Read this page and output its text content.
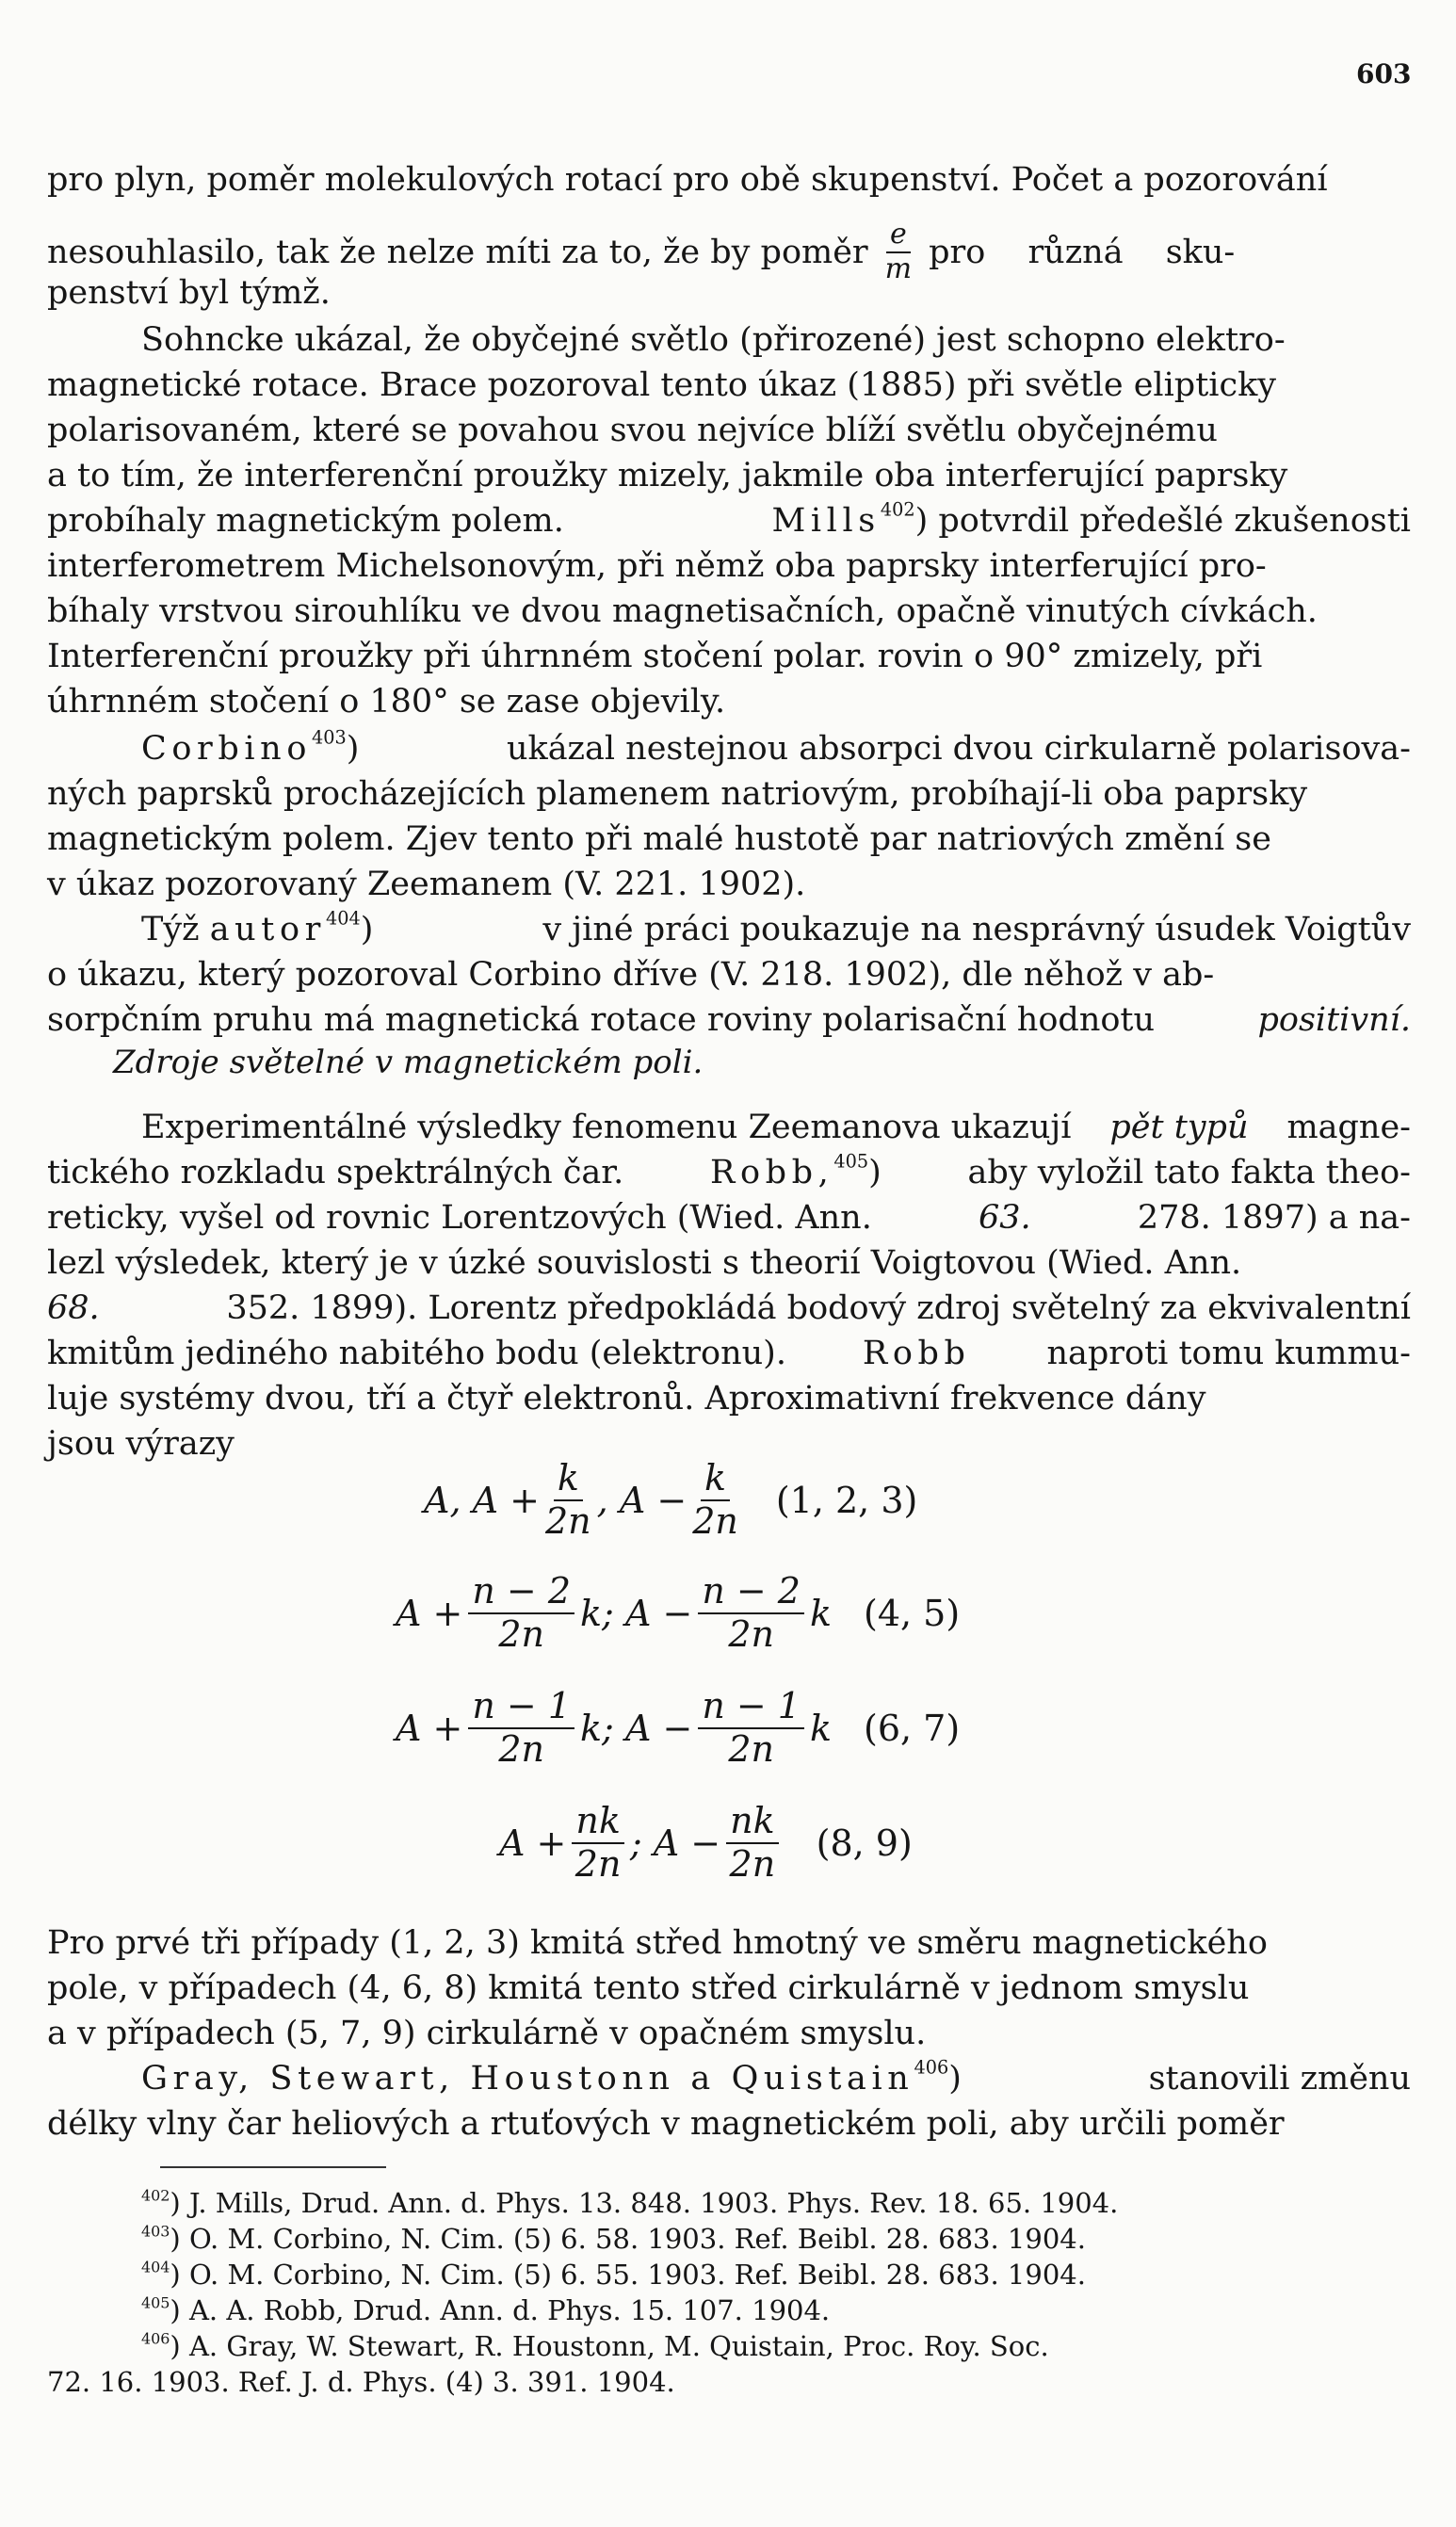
603
pro plyn, poměr molekulových rotací pro obě skupenství. Počet a pozorování
nesouhlasilo, tak že nelze míti za to, že by poměr $\frac{e}{m}$ pro různá sku-
penství byl týmž.
Sohncke ukázal, že obyčejné světlo (přirozené) jest schopno elektro-
magnetické rotace. Brace pozoroval tento úkaz (1885) při světle elipticky
polarisovaném, které se povahou svou nejvíce blíží světlu obyčejnému
a to tím, že interferenční proužky mizely, jakmile oba interferující paprsky
probíhaly magnetickým polem.	Mills$^{402}$) potvrdil předešlé zkušenosti
interferometrem Michelsonovým, při němž oba paprsky interferující pro-
bíhaly vrstvou sirouhlíku ve dvou magnetisačních, opačně vinutých cívkách.
Interferenční proužky při úhrnném stočení polar. rovin o 90° zmizely, při
úhrnném stočení o 180° se zase objevily.
Corbino$^{403}$)	ukázal nestejnou absorpci dvou cirkularně polarisova-
ných paprsků procházejících plamenem natriovým, probíhají-li oba paprsky
magnetickým polem. Zjev tento při malé hustotě par natriových změní se
v úkaz pozorovaný Zeemanem (V. 221. 1902).
Týž autor$^{404}$)	v jiné práci poukazuje na nesprávný úsudek Voigtův
o úkazu, který pozoroval Corbino dříve (V. 218. 1902), dle něhož v ab-
sorpčním pruhu má magnetická rotace roviny polarisační hodnotu	positivní.
Zdroje světelné v magnetickém poli.
Experimentálné výsledky fenomenu Zeemanova ukazují pět typů magne-
tického rozkladu spektrálných čar.	Robb,$^{405}$)	aby vyložil tato fakta theo-
reticky, vyšel od rovnic Lorentzových (Wied. Ann.	63.	278. 1897) a na-
lezl výsledek, který je v úzké souvislosti s theorií Voigtovou (Wied. Ann.
68.	352. 1899). Lorentz předpokládá bodový zdroj světelný za ekvivalentní
kmitům jediného nabitého bodu (elektronu). Robb naproti tomu kummu-
luje systémy dvou, tří a čtyř elektronů. Aproximativní frekvence dány
jsou výrazy
A,
$A + \frac{k}{2n}$ , $A - \frac{k}{2n} (1$, 2, 3)
$A + \frac{n - 2}{2n} k$; $A - \frac{n - 2}{2n}$ k (4, 5)
$A + \frac{n - 1}{2n} k$; $A - \frac{n - 1}{2n}$ k (6, 7)
$A + \frac{nk}{2n}$ ; $A - \frac{nk}{2n} (8$, 9)
Pro prvé tři případy (1, 2, 3) kmitá střed hmotný ve směru magnetického
pole, v případech (4, 6, 8) kmitá tento střed cirkulárně v jednom smyslu
a v případech (5, 7, 9) cirkulárně v opačném smyslu.
Gray, Stewart, Houstonn a Quistain$^{406}$)	stanovili změnu
délky vlny čar heliových a rtuťových v magnetickém poli, aby určili poměr
$^{402}$) J. Mills, Drud. Ann. d. Phys. 13. 848. 1903. Phys. Rev. 18. 65. 1904.
$^{403}$) O. M. Corbino, N. Cim. (5) 6. 58. 1903. Ref. Beibl. 28. 683. 1904.
$^{404}$) O. M. Corbino, N. Cim. (5) 6. 55. 1903. Ref. Beibl. 28. 683. 1904.
$^{405}$) A. A. Robb, Drud. Ann. d. Phys. 15. 107. 1904.
$^{406}$) A. Gray, W. Stewart, R. Houstonn, M. Quistain, Proc. Roy. Soc.
72. 16. 1903. Ref. J. d. Phys. (4) 3. 391. 1904.
